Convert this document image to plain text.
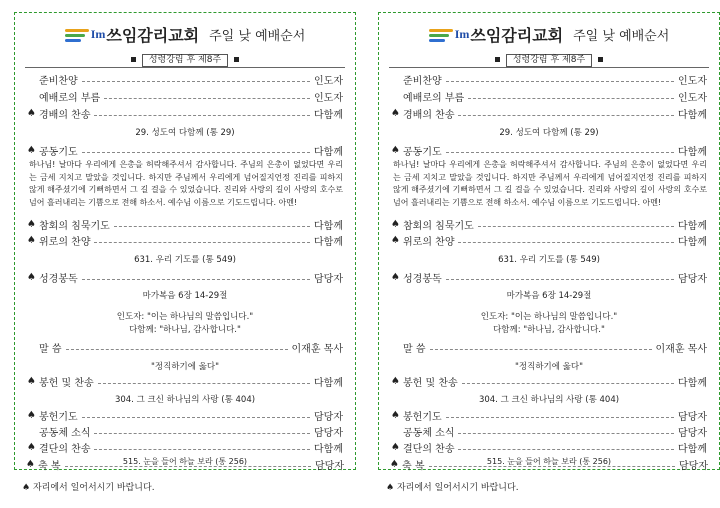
Im 쓰임감리교회 주일 낮 예배순서
성령강림 후 제8주
준비찬양	인도자
예배로의 부름	인도자
♠ 경배의 찬송	다함께
29. 성도여 다함께 (통 29)
♠ 공동기도	다함께
하나님! 날마다 우리에게 은총을 허락해주셔서 감사합니다. 주님의 은총이 없었다면 우리는 금세 지치고 말았을 것입니다. 하지만 주님께서 우리에게 넘어질지언정 진리를 피하지 않게 해주셨기에 기뻐하면서 그 길 걸을 수 있었습니다. 진리와 사랑의 길이 사랑의 호수로 넘어 흘러내리는 기쁨으로 전해 하소서. 예수님 이름으로 기도드립니다. 아멘!
♠ 참회의 침묵기도	다함께
♠ 위로의 찬양	다함께
631. 우리 기도를 (통 549)
♠ 성경봉독	담당자
마가복음 6장 14-29절
인도자: "이는 하나님의 말씀입니다."
다함께: "하나님, 감사합니다."
말 씀	이재훈 목사
"정직하기에 옳다"
♠ 봉헌 및 찬송	다함께
304. 그 크신 하나님의 사랑 (통 404)
♠ 봉헌기도	담당자
공동체 소식	담당자
♠ 결단의 찬송	다함께
515. 눈을 들어 하늘 보라 (통 256)
♠ 축 복	담당자
Im 쓰임감리교회 주일 낮 예배순서
성령강림 후 제8주
준비찬양	인도자
예배로의 부름	인도자
♠ 경배의 찬송	다함께
29. 성도여 다함께 (통 29)
♠ 공동기도	다함께
하나님! 날마다 우리에게 은총을 허락해주셔서 감사합니다. 주님의 은총이 없었다면 우리는 금세 지치고 말았을 것입니다. 하지만 주님께서 우리에게 넘어질지언정 진리를 피하지 않게 해주셨기에 기뻐하면서 그 길 걸을 수 있었습니다. 진리와 사랑의 길이 사랑의 호수로 넘어 흘러내리는 기쁨으로 전해 하소서. 예수님 이름으로 기도드립니다. 아멘!
♠ 참회의 침묵기도	다함께
♠ 위로의 찬양	다함께
631. 우리 기도를 (통 549)
♠ 성경봉독	담당자
마가복음 6장 14-29절
인도자: "이는 하나님의 말씀입니다."
다함께: "하나님, 감사합니다."
말 씀	이재훈 목사
"정직하기에 옳다"
♠ 봉헌 및 찬송	다함께
304. 그 크신 하나님의 사랑 (통 404)
♠ 봉헌기도	담당자
공동체 소식	담당자
♠ 결단의 찬송	다함께
515. 눈을 들어 하늘 보라 (통 256)
♠ 축 복	담당자
♠ 자리에서 일어서시기 바랍니다.	♠ 자리에서 일어서시기 바랍니다.
